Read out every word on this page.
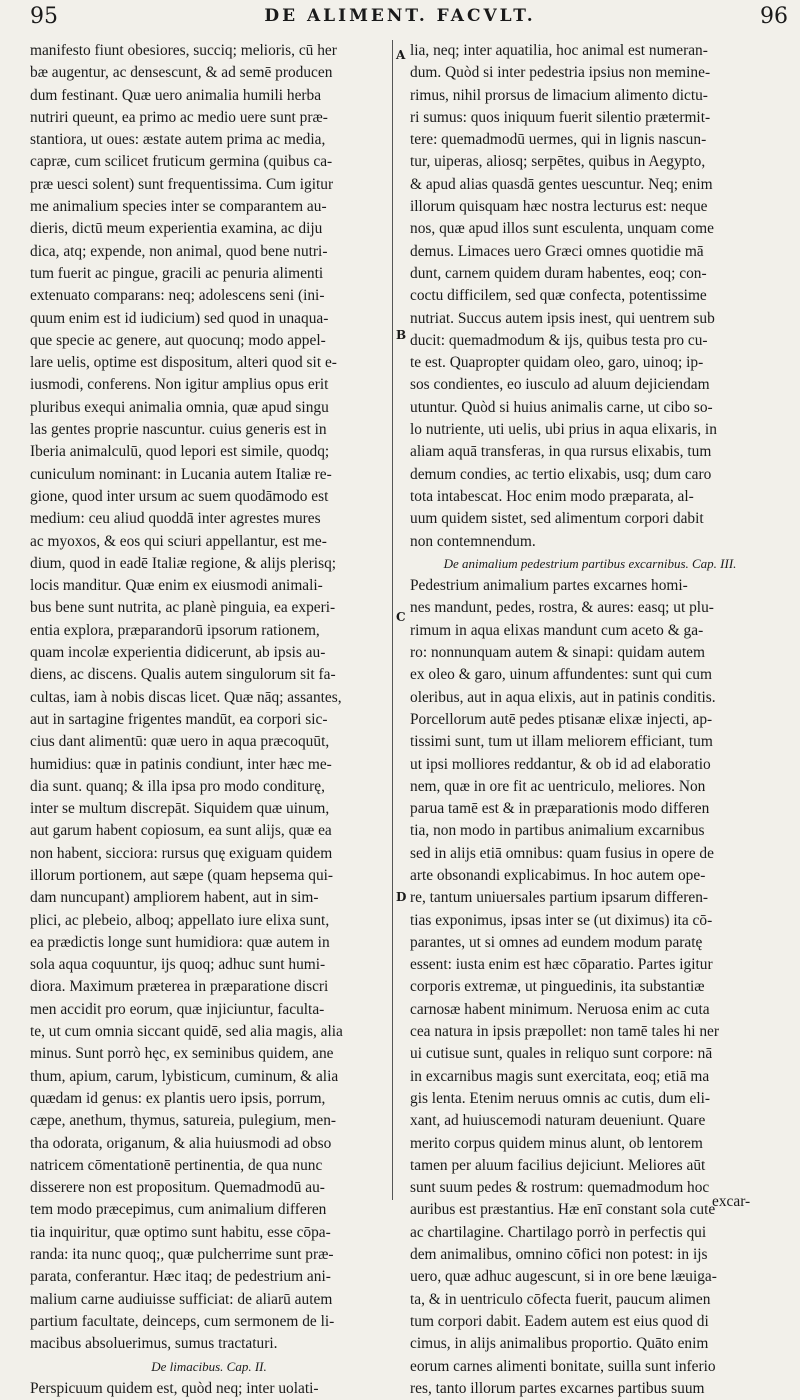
95	DE ALIMENT. FACVLT.	96
manifesto fiunt obesiores, succiq; melioris, cū her
bæ augentur, ac densescunt, & ad semē producen
dum festinant. Quæ uero animalia humili herba
nutriri queunt, ea primo ac medio uere sunt præ-
stantiora, ut oues: æstate autem prima ac media,
capræ, cum scilicet fruticum germina (quibus ca-
præ uesci solent) sunt frequentissima. Cum igitur
me animalium species inter se comparantem au-
dieris, dictū meum experientia examina, ac diju
dica, atq; expende, non animal, quod bene nutri-
tum fuerit ac pingue, gracili ac penuria alimenti
extenuato comparans: neq; adolescens seni (ini-
quum enim est id iudicium) sed quod in unaqua-
que specie ac genere, aut quocunq; modo appel-
lare uelis, optime est dispositum, alteri quod sit e-
iusmodi, conferens. Non igitur amplius opus erit
pluribus exequi animalia omnia, quæ apud singu
las gentes proprie nascuntur. cuius generis est in
Iberia animalculū, quod lepori est simile, quodq;
cuniculum nominant: in Lucania autem Italiæ re-
gione, quod inter ursum ac suem quodāmodo est
medium: ceu aliud quoddā inter agrestes mures
ac myoxos, & eos qui sciuri appellantur, est me-
dium, quod in eadē Italiæ regione, & alijs plerisq;
locis manditur. Quæ enim ex eiusmodi animali-
bus bene sunt nutrita, ac planè pinguia, ea experi-
entia explora, præparandorū ipsorum rationem,
quam incolæ experientia didicerunt, ab ipsis au-
diens, ac discens. Qualis autem singulorum sit fa-
cultas, iam à nobis discas licet. Quæ nāq; assantes,
aut in sartagine frigentes mandūt, ea corpori sic-
cius dant alimentū: quæ uero in aqua præcoquūt,
humidius: quæ in patinis condiunt, inter hæc me-
dia sunt. quanq; & illa ipsa pro modo conditurę,
inter se multum discrepāt. Siquidem quæ uinum,
aut garum habent copiosum, ea sunt alijs, quæ ea
non habent, sicciora: rursus quę exiguam quidem
illorum portionem, aut sæpe (quam hepsema qui-
dam nuncupant) ampliorem habent, aut in sim-
plici, ac plebeio, alboq; appellato iure elixa sunt,
ea prædictis longe sunt humidiora: quæ autem in
sola aqua coquuntur, ijs quoq; adhuc sunt humi-
diora. Maximum præterea in præparatione discri
men accidit pro eorum, quæ injiciuntur, faculta-
te, ut cum omnia siccant quidē, sed alia magis, alia
minus. Sunt porrò hęc, ex seminibus quidem, ane
thum, apium, carum, lybisticum, cuminum, & alia
quædam id genus: ex plantis uero ipsis, porrum,
cæpe, anethum, thymus, satureia, pulegium, men-
tha odorata, origanum, & alia huiusmodi ad obso
natricem cōmentationē pertinentia, de qua nunc
disserere non est propositum. Quemadmodū au-
tem modo præcepimus, cum animalium differen
tia inquiritur, quæ optimo sunt habitu, esse cōpa-
randa: ita nunc quoq;, quæ pulcherrime sunt præ-
parata, conferantur. Hæc itaq; de pedestrium ani-
malium carne audiuisse sufficiat: de aliarū autem
partium facultate, deinceps, cum sermonem de li-
macibus absoluerimus, sumus tractaturi.
De limacibus. Cap. II.
Perspicuum quidem est, quòd neq; inter uolati-
A
B
C
D
lia, neq; inter aquatilia, hoc animal est numeran-
dum. Quòd si inter pedestria ipsius non memine-
rimus, nihil prorsus de limacium alimento dictu-
ri sumus: quos iniquum fuerit silentio prætermit-
tere: quemadmodū uermes, qui in lignis nascun-
tur, uiperas, aliosq; serpētes, quibus in Aegypto,
& apud alias quasdā gentes uescuntur. Neq; enim
illorum quisquam hæc nostra lecturus est: neque
nos, quæ apud illos sunt esculenta, unquam come
demus. Limaces uero Græci omnes quotidie mā
dunt, carnem quidem duram habentes, eoq; con-
coctu difficilem, sed quæ confecta, potentissime
nutriat. Succus autem ipsis inest, qui uentrem sub
ducit: quemadmodum & ijs, quibus testa pro cu-
te est. Quapropter quidam oleo, garo, uinoq; ip-
sos condientes, eo iusculo ad aluum dejiciendam
utuntur. Quòd si huius animalis carne, ut cibo so-
lo nutriente, uti uelis, ubi prius in aqua elixaris, in
aliam aquā transferas, in qua rursus elixabis, tum
demum condies, ac tertio elixabis, usq; dum caro
tota intabescat. Hoc enim modo præparata, al-
uum quidem sistet, sed alimentum corpori dabit
non contemnendum.
De animalium pedestrium partibus excarnibus. Cap. III.
Pedestrium animalium partes excarnes homi-
nes mandunt, pedes, rostra, & aures: easq; ut plu-
rimum in aqua elixas mandunt cum aceto & ga-
ro: nonnunquam autem & sinapi: quidam autem
ex oleo & garo, uinum affundentes: sunt qui cum
oleribus, aut in aqua elixis, aut in patinis conditis.
Porcellorum autē pedes ptisanæ elixæ injecti, ap-
tissimi sunt, tum ut illam meliorem efficiant, tum
ut ipsi molliores reddantur, & ob id ad elaboratio
nem, quæ in ore fit ac uentriculo, meliores. Non
parua tamē est & in præparationis modo differen
tia, non modo in partibus animalium excarnibus
sed in alijs etiā omnibus: quam fusius in opere de
arte obsonandi explicabimus. In hoc autem ope-
re, tantum uniuersales partium ipsarum differen-
tias exponimus, ipsas inter se (ut diximus) ita cō-
parantes, ut si omnes ad eundem modum paratę
essent: iusta enim est hæc cōparatio. Partes igitur
corporis extremæ, ut pinguedinis, ita substantiæ
carnosæ habent minimum. Neruosa enim ac cuta
cea natura in ipsis præpollet: non tamē tales hi ner
ui cutisue sunt, quales in reliquo sunt corpore: nā
in excarnibus magis sunt exercitata, eoq; etiā ma
gis lenta. Etenim neruus omnis ac cutis, dum eli-
xant, ad huiuscemodi naturam deueniunt. Quare
merito corpus quidem minus alunt, ob lentorem
tamen per aluum facilius dejiciunt. Meliores aūt
sunt suum pedes & rostrum: quemadmodum hoc
auribus est præstantius. Hæ enī constant sola cute
ac chartilagine. Chartilago porrò in perfectis qui
dem animalibus, omnino cōfici non potest: in ijs
uero, quæ adhuc augescunt, si in ore bene læuiga-
ta, & in uentriculo cōfecta fuerit, paucum alimen
tum corpori dabit. Eadem autem est eius quod di
cimus, in alijs animalibus proportio. Quāto enim
eorum carnes alimenti bonitate, suilla sunt inferio
res, tanto illorum partes excarnes partibus suum
excar-
